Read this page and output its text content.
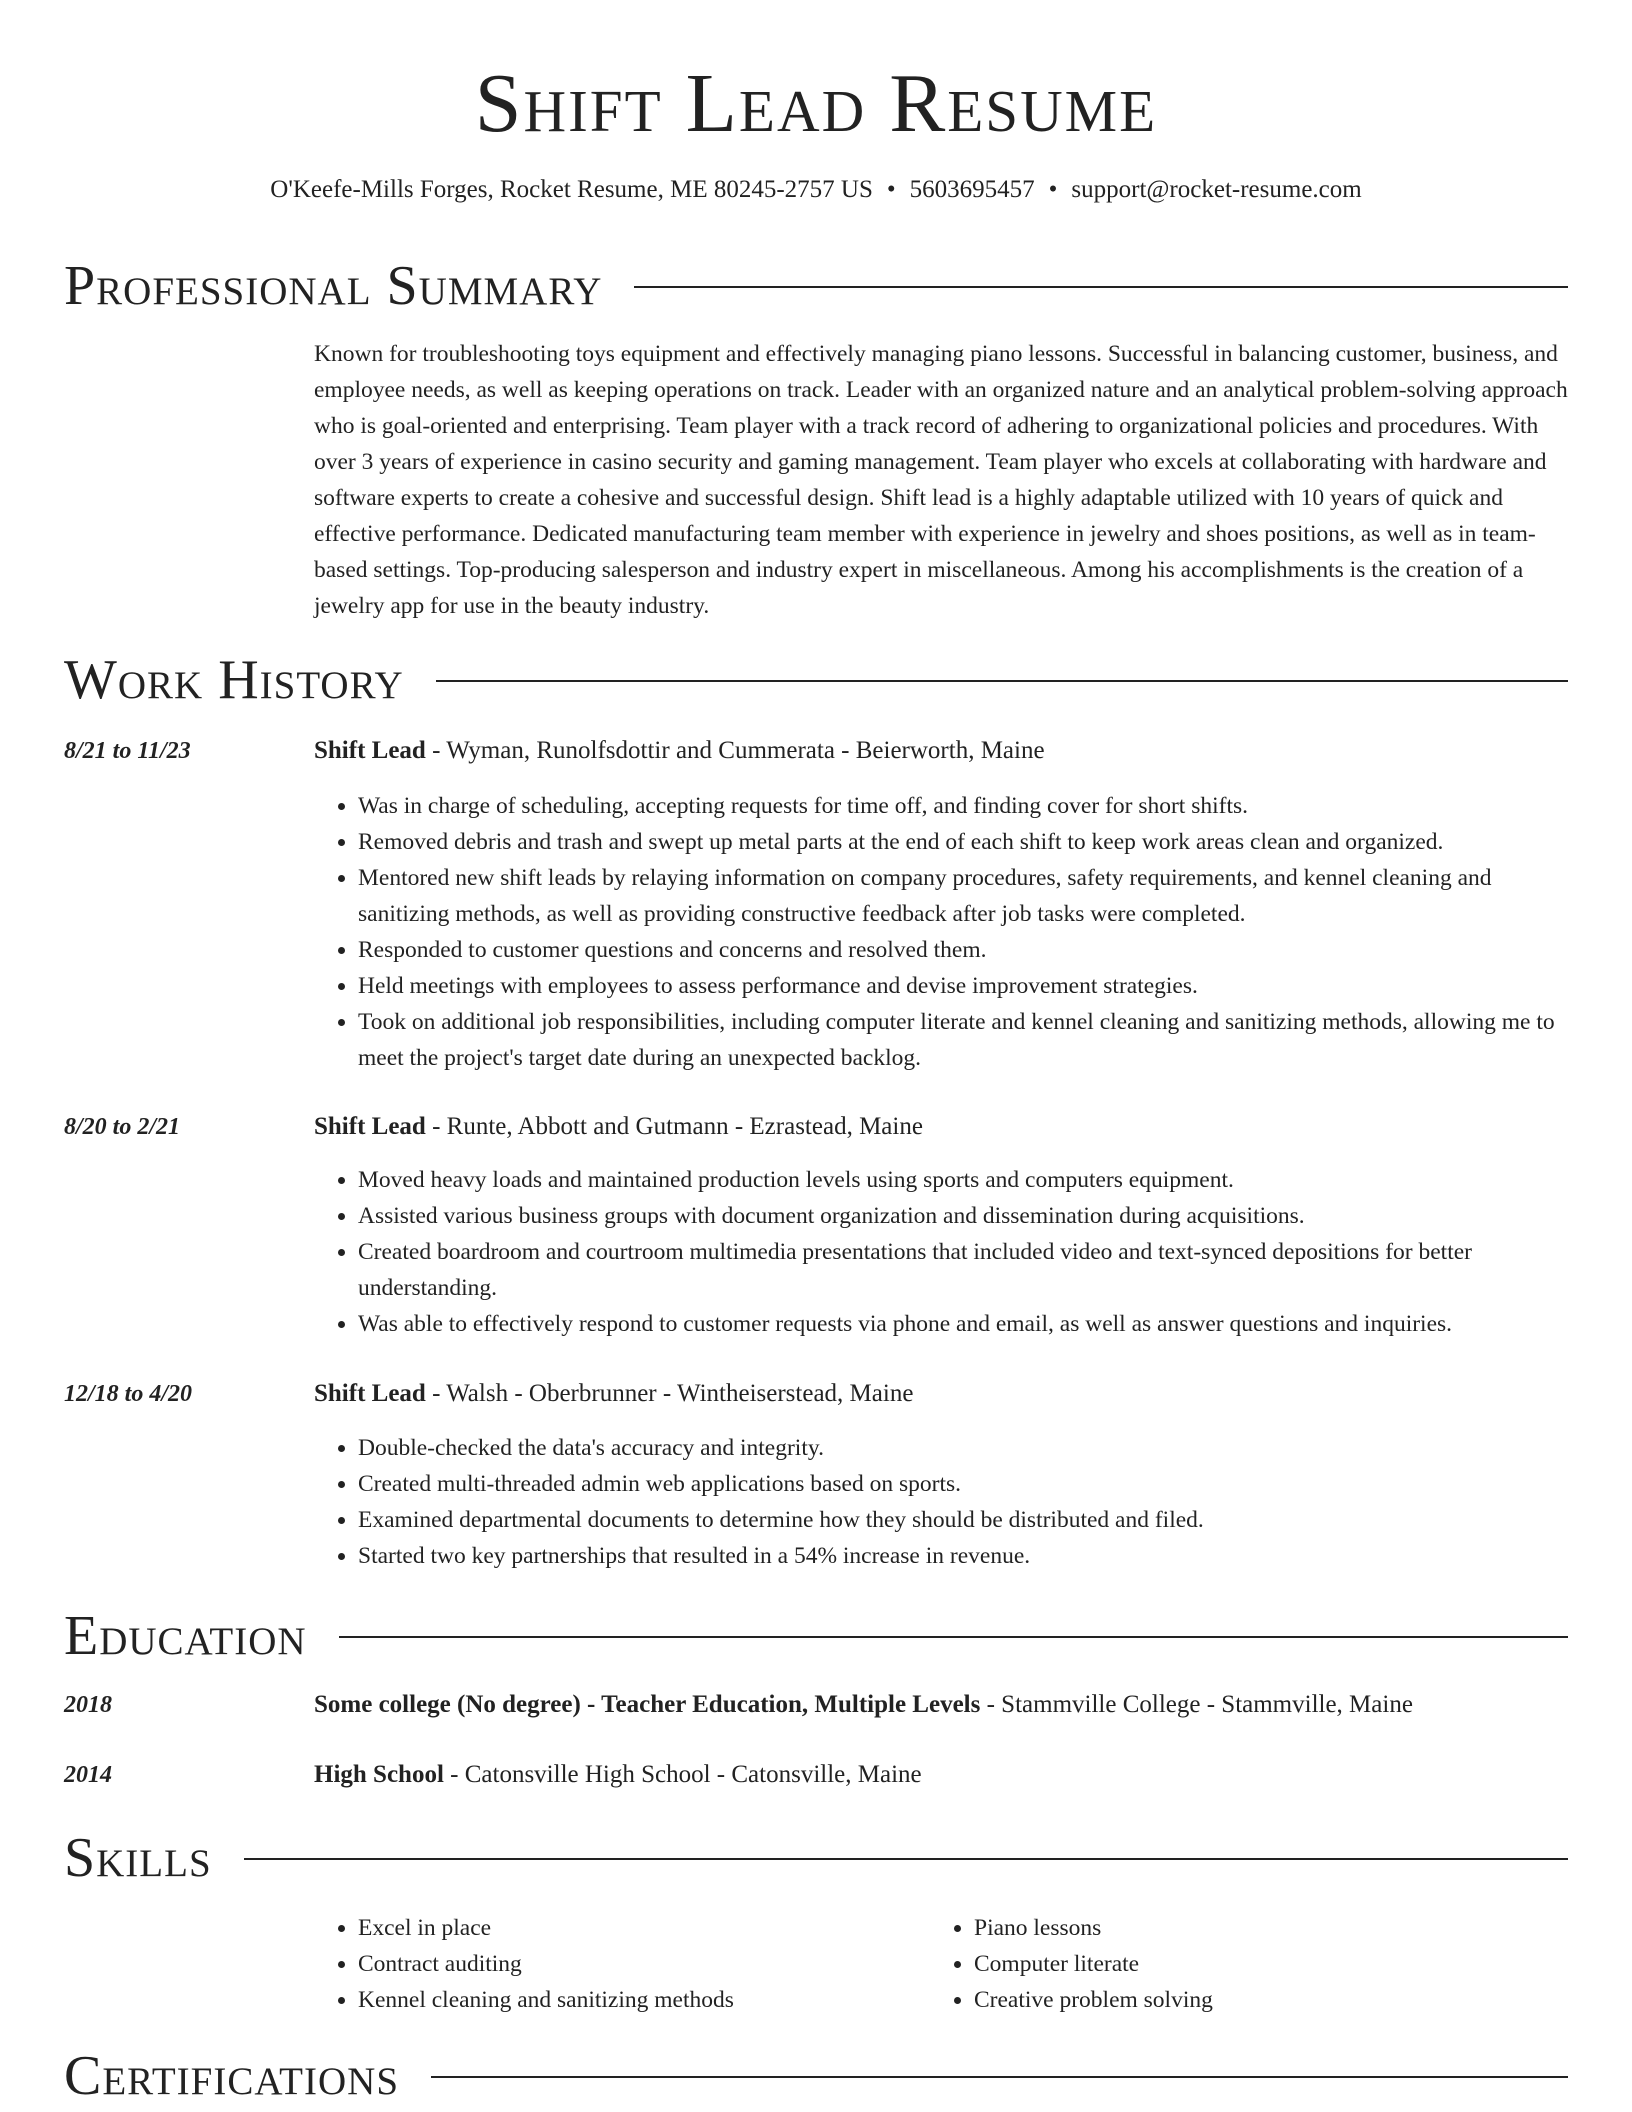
Shift Lead Resume
O'Keefe-Mills Forges, Rocket Resume, ME 80245-2757 US • 5603695457 • support@rocket-resume.com
Professional Summary

Known for troubleshooting toys equipment and effectively managing piano lessons. Successful in balancing customer, business, and employee needs, as well as keeping operations on track. Leader with an organized nature and an analytical problem-solving approach who is goal-oriented and enterprising. Team player with a track record of adhering to organizational policies and procedures. With over 3 years of experience in casino security and gaming management. Team player who excels at collaborating with hardware and software experts to create a cohesive and successful design. Shift lead is a highly adaptable utilized with 10 years of quick and effective performance. Dedicated manufacturing team member with experience in jewelry and shoes positions, as well as in team-based settings. Top-producing salesperson and industry expert in miscellaneous. Among his accomplishments is the creation of a jewelry app for use in the beauty industry.

Work History
8/21 to 11/23	Shift Lead - Wyman, Runolfsdottir and Cummerata - Beierworth, Maine
• Was in charge of scheduling, accepting requests for time off, and finding cover for short shifts.
• Removed debris and trash and swept up metal parts at the end of each shift to keep work areas clean and organized.
• Mentored new shift leads by relaying information on company procedures, safety requirements, and kennel cleaning and sanitizing methods, as well as providing constructive feedback after job tasks were completed.
• Responded to customer questions and concerns and resolved them.
• Held meetings with employees to assess performance and devise improvement strategies.
• Took on additional job responsibilities, including computer literate and kennel cleaning and sanitizing methods, allowing me to meet the project's target date during an unexpected backlog.
8/20 to 2/21	Shift Lead - Runte, Abbott and Gutmann - Ezrastead, Maine
• Moved heavy loads and maintained production levels using sports and computers equipment.
• Assisted various business groups with document organization and dissemination during acquisitions.
• Created boardroom and courtroom multimedia presentations that included video and text-synced depositions for better understanding.
• Was able to effectively respond to customer requests via phone and email, as well as answer questions and inquiries.
12/18 to 4/20	Shift Lead - Walsh - Oberbrunner - Wintheiserstead, Maine
• Double-checked the data's accuracy and integrity.
• Created multi-threaded admin web applications based on sports.
• Examined departmental documents to determine how they should be distributed and filed.
• Started two key partnerships that resulted in a 54% increase in revenue.
Education
2018	Some college (No degree) - Teacher Education, Multiple Levels - Stammville College - Stammville, Maine
2014	High School - Catonsville High School - Catonsville, Maine
Skills
• Excel in place
• Contract auditing
• Kennel cleaning and sanitizing methods
• Piano lessons
• Computer literate
• Creative problem solving
Certifications
